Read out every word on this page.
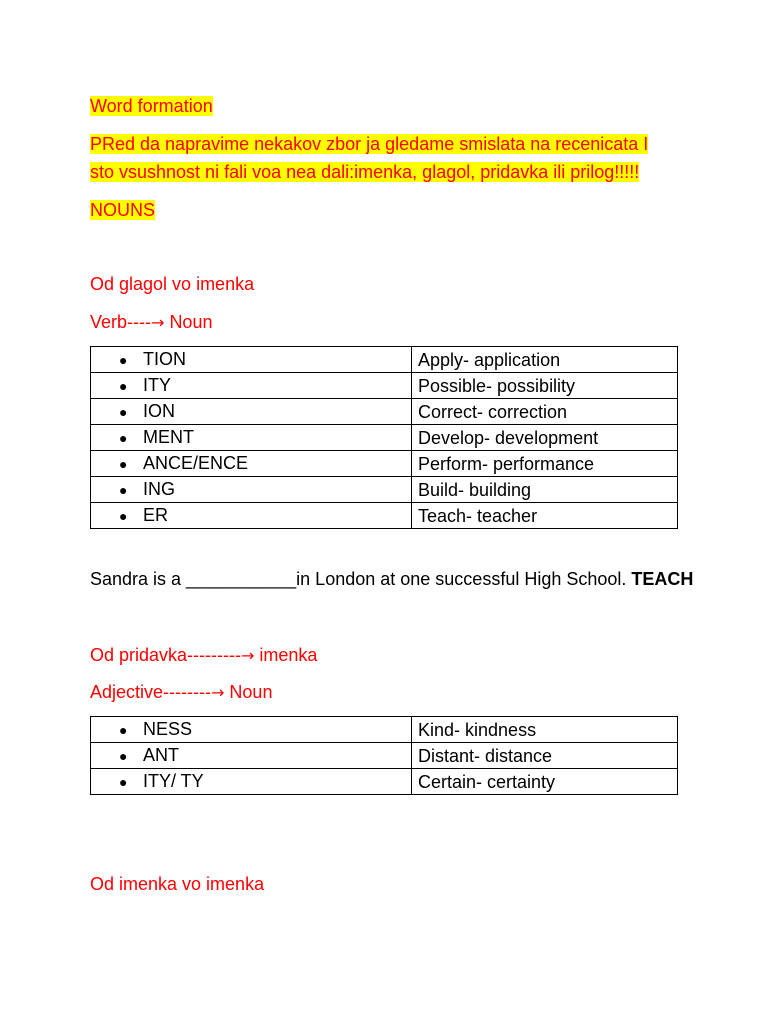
Word formation
PRed da napravime nekakov zbor ja gledame smislata na recenicata I
sto vsushnost ni fali voa nea dali:imenka, glagol, pridavka ili prilog!!!!!
NOUNS
Od glagol vo imenka
Verb----→ Noun
● TION	Apply- application
● ITY	Possible- possibility
● ION	Correct- correction
● MENT	Develop- development
● ANCE/ENCE	Perform- performance
● ING	Build- building
● ER	Teach- teacher
Sandra is a ___________in London at one successful High School. TEACH
Od pridavka---------→ imenka
Adjective--------→ Noun
● NESS	Kind- kindness
● ANT	Distant- distance
● ITY/ TY	Certain- certainty
Od imenka vo imenka
